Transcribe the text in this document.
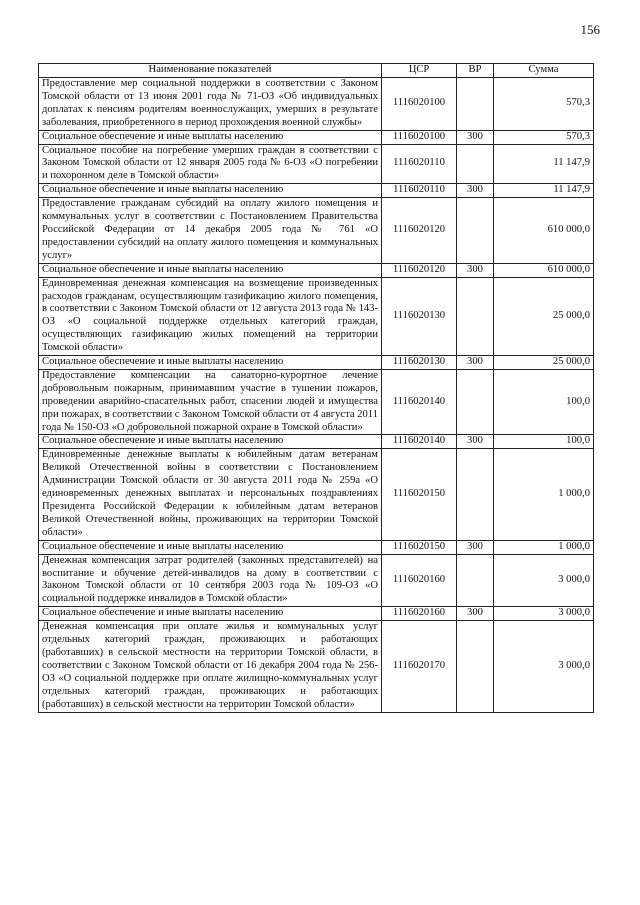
156
Наименование показателей	ЦСР	ВР	Сумма
Предоставление мер социальной поддержки в соответствии с Законом Томской области от 13 июня 2001 года № 71-ОЗ «Об индивидуальных доплатах к пенсиям родителям военнослужащих, умерших в результате заболевания, приобретенного в период прохождения военной службы»	1116020100		570,3
Социальное обеспечение и иные выплаты населению	1116020100	300	570,3
Социальное пособие на погребение умерших граждан в соответствии с Законом Томской области от 12 января 2005 года № 6-ОЗ «О погребении и похоронном деле в Томской области»	1116020110		11 147,9
Социальное обеспечение и иные выплаты населению	1116020110	300	11 147,9
Предоставление гражданам субсидий на оплату жилого помещения и коммунальных услуг в соответствии с Постановлением Правительства Российской Федерации от 14 декабря 2005 года № 761 «О предоставлении субсидий на оплату жилого помещения и коммунальных услуг»	1116020120		610 000,0
Социальное обеспечение и иные выплаты населению	1116020120	300	610 000,0
Единовременная денежная компенсация на возмещение произведенных расходов гражданам, осуществляющим газификацию жилого помещения, в соответствии с Законом Томской области от 12 августа 2013 года № 143-ОЗ «О социальной поддержке отдельных категорий граждан, осуществляющих газификацию жилых помещений на территории Томской области»	1116020130		25 000,0
Социальное обеспечение и иные выплаты населению	1116020130	300	25 000,0
Предоставление компенсации на санаторно-курортное лечение добровольным пожарным, принимавшим участие в тушении пожаров, проведении аварийно-спасательных работ, спасении людей и имущества при пожарах, в соответствии с Законом Томской области от 4 августа 2011 года № 150-ОЗ «О добровольной пожарной охране в Томской области»	1116020140		100,0
Социальное обеспечение и иные выплаты населению	1116020140	300	100,0
Единовременные денежные выплаты к юбилейным датам ветеранам Великой Отечественной войны в соответствии с Постановлением Администрации Томской области от 30 августа 2011 года № 259а «О единовременных денежных выплатах и персональных поздравлениях Президента Российской Федерации к юбилейным датам ветеранов Великой Отечественной войны, проживающих на территории Томской области»	1116020150		1 000,0
Социальное обеспечение и иные выплаты населению	1116020150	300	1 000,0
Денежная компенсация затрат родителей (законных представителей) на воспитание и обучение детей-инвалидов на дому в соответствии с Законом Томской области от 10 сентября 2003 года № 109-ОЗ «О социальной поддержке инвалидов в Томской области»	1116020160		3 000,0
Социальное обеспечение и иные выплаты населению	1116020160	300	3 000,0
Денежная компенсация при оплате жилья и коммунальных услуг отдельных категорий граждан, проживающих и работающих (работавших) в сельской местности на территории Томской области, в соответствии с Законом Томской области от 16 декабря 2004 года № 256-ОЗ «О социальной поддержке при оплате жилищно-коммунальных услуг отдельных категорий граждан, проживающих и работающих (работавших) в сельской местности на территории Томской области»	1116020170		3 000,0
